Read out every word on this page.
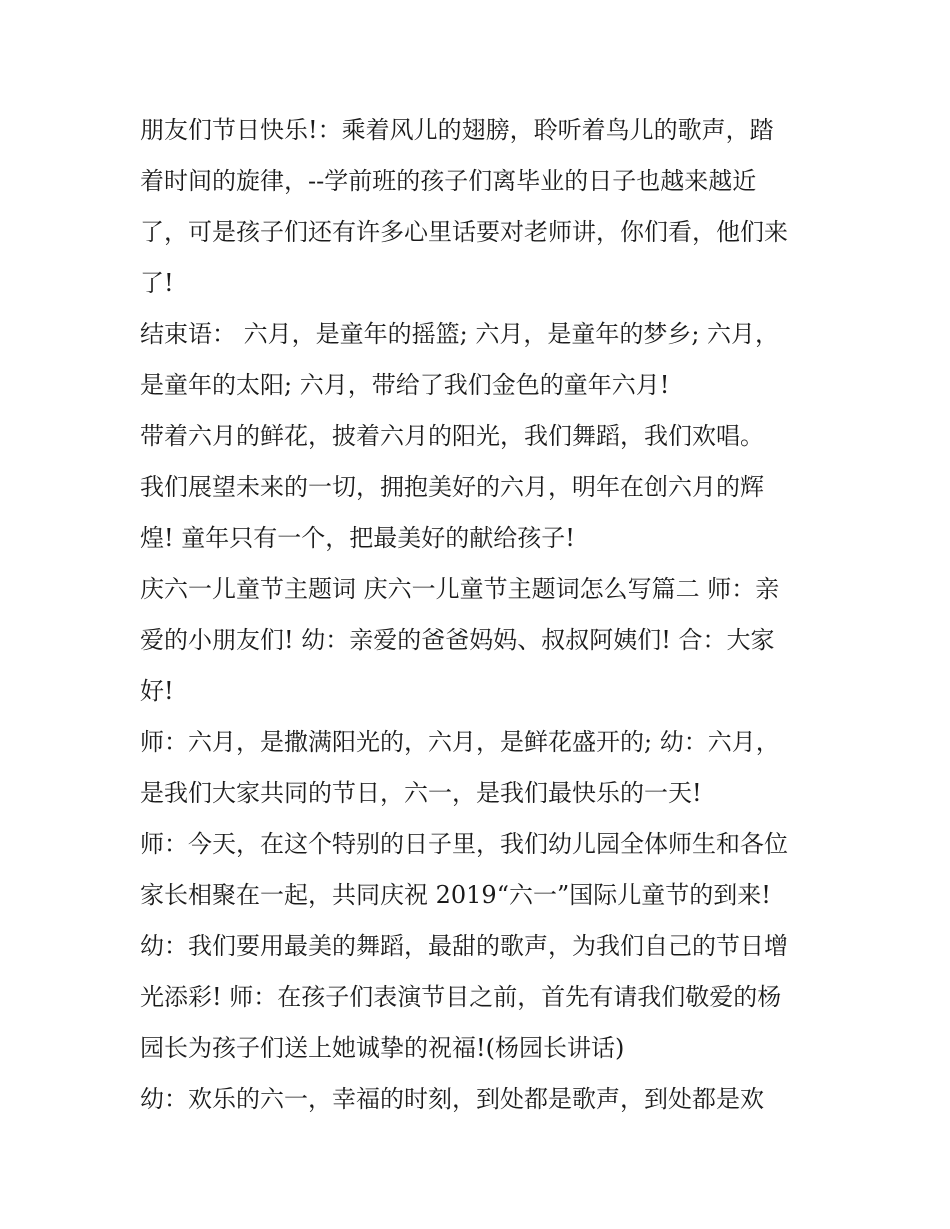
朋友们节日快乐!：乘着风儿的翅膀，聆听着鸟儿的歌声，踏
着时间的旋律，--学前班的孩子们离毕业的日子也越来越近
了，可是孩子们还有许多心里话要对老师讲，你们看，他们来
了!
结束语： 六月，是童年的摇篮; 六月，是童年的梦乡; 六月，
是童年的太阳; 六月，带给了我们金色的童年六月!
带着六月的鲜花，披着六月的阳光，我们舞蹈，我们欢唱。
我们展望未来的一切，拥抱美好的六月，明年在创六月的辉
煌! 童年只有一个，把最美好的献给孩子!
庆六一儿童节主题词 庆六一儿童节主题词怎么写篇二 师：亲
爱的小朋友们! 幼：亲爱的爸爸妈妈、叔叔阿姨们! 合：大家
好!
师：六月，是撒满阳光的，六月，是鲜花盛开的; 幼：六月，
是我们大家共同的节日，六一，是我们最快乐的一天!
师：今天，在这个特别的日子里，我们幼儿园全体师生和各位
家长相聚在一起，共同庆祝 2019“六一”国际儿童节的到来!
幼：我们要用最美的舞蹈，最甜的歌声，为我们自己的节日增
光添彩! 师：在孩子们表演节目之前，首先有请我们敬爱的杨
园长为孩子们送上她诚挚的祝福!(杨园长讲话)
幼：欢乐的六一，幸福的时刻，到处都是歌声，到处都是欢
